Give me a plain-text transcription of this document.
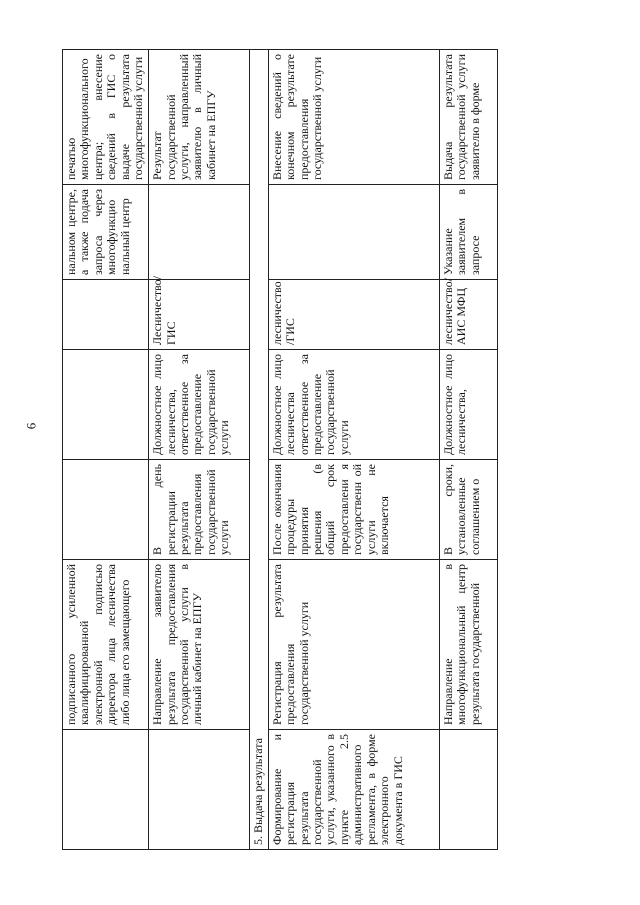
6
	подписанного усиленной квалифицированной электронной подписью директора лица лесничества либо лица его замещающего				нальном центре, а также подача запроса через многофункцио нальный центр	печатью многофункционального центра; внесение сведений в ГИС о выдаче результата государственной услуги
	Направление заявителю результата предоставления государственной услуги в личный кабинет на ЕПГУ	В день регистрации результата предоставления государственной услуги	Должностное лицо лесничества, ответственное за предоставление государственной услуги	Лесничество/ ГИС		Результат государственной услуги, направленный заявителю в личный кабинет на ЕПГУ
5. Выдача результата						
Формирование и регистрация результата государственной услуги, указанного в пункте 2.5 административного регламента, в форме электронного документа в ГИС	Регистрация результата предоставления государственной услуги	После окончания процедуры принятия решения (в общий срок предоставлени я государственн ой услуги не включается	Должностное лицо лесничества ответственное за предоставление государственной услуги	лесничество /ГИС		Внесение сведений о конечном результате предоставления государственной услуги
	Направление в многофункциональный центр результата государственной	В сроки, установленные соглашением о	Должностное лицо лесничества,	лесничество/ АИС МФЦ	Указание заявителем в запросе	Выдача результата государственной услуги заявителю в форме
